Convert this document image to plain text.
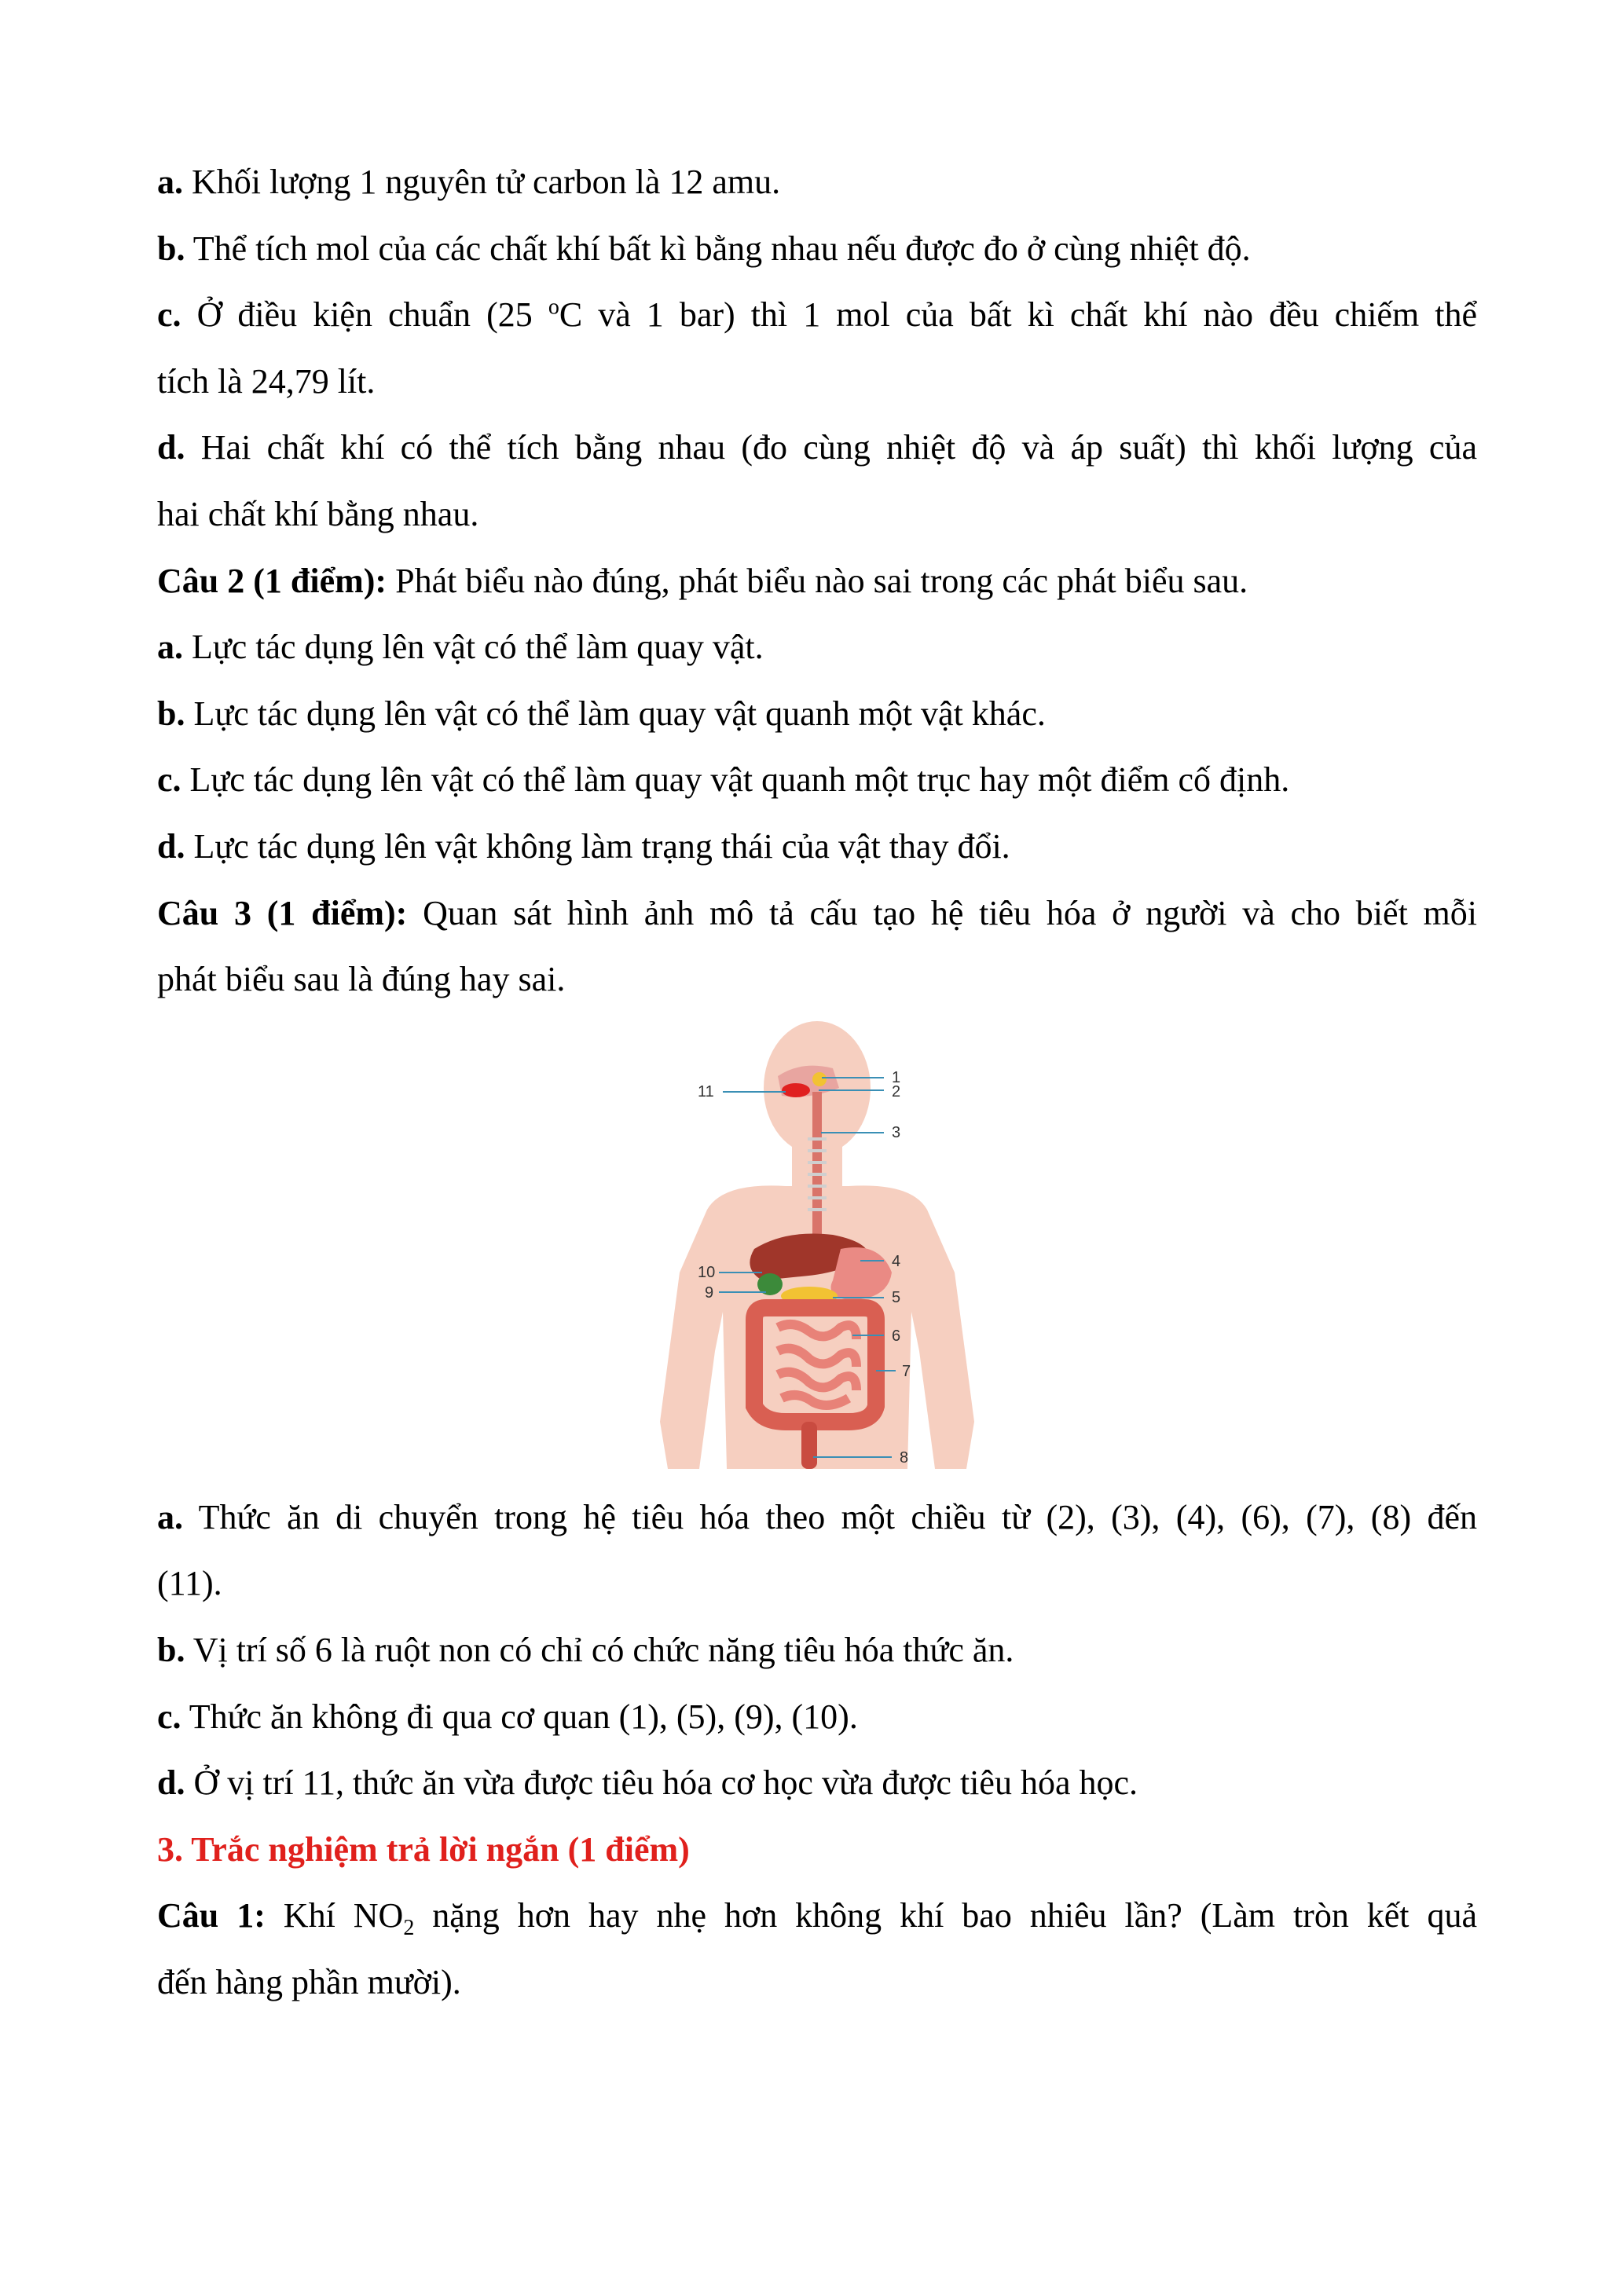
a. Khối lượng 1 nguyên tử carbon là 12 amu.
b. Thể tích mol của các chất khí bất kì bằng nhau nếu được đo ở cùng nhiệt độ.
c. Ở điều kiện chuẩn (25 $^o$C và 1 bar) thì 1 mol của bất kì chất khí nào đều chiếm thể
tích là 24,79 lít.
d. Hai chất khí có thể tích bằng nhau (đo cùng nhiệt độ và áp suất) thì khối lượng của
hai chất khí bằng nhau.
Câu 2 (1 điểm): Phát biểu nào đúng, phát biểu nào sai trong các phát biểu sau.
a. Lực tác dụng lên vật có thể làm quay vật.
b. Lực tác dụng lên vật có thể làm quay vật quanh một vật khác.
c. Lực tác dụng lên vật có thể làm quay vật quanh một trục hay một điểm cố định.
d. Lực tác dụng lên vật không làm trạng thái của vật thay đổi.
Câu 3 (1 điểm): Quan sát hình ảnh mô tả cấu tạo hệ tiêu hóa ở người và cho biết mỗi
phát biểu sau là đúng hay sai.
1
2
3
4
5
6
7
8
9
10
11
a. Thức ăn di chuyển trong hệ tiêu hóa theo một chiều từ (2), (3), (4), (6), (7), (8) đến
(11).
b. Vị trí số 6 là ruột non có chỉ có chức năng tiêu hóa thức ăn.
c. Thức ăn không đi qua cơ quan (1), (5), (9), (10).
d. Ở vị trí 11, thức ăn vừa được tiêu hóa cơ học vừa được tiêu hóa học.
3. Trắc nghiệm trả lời ngắn (1 điểm)
Câu 1: Khí $NO_2$ nặng hơn hay nhẹ hơn không khí bao nhiêu lần? (Làm tròn kết quả
đến hàng phần mười).
